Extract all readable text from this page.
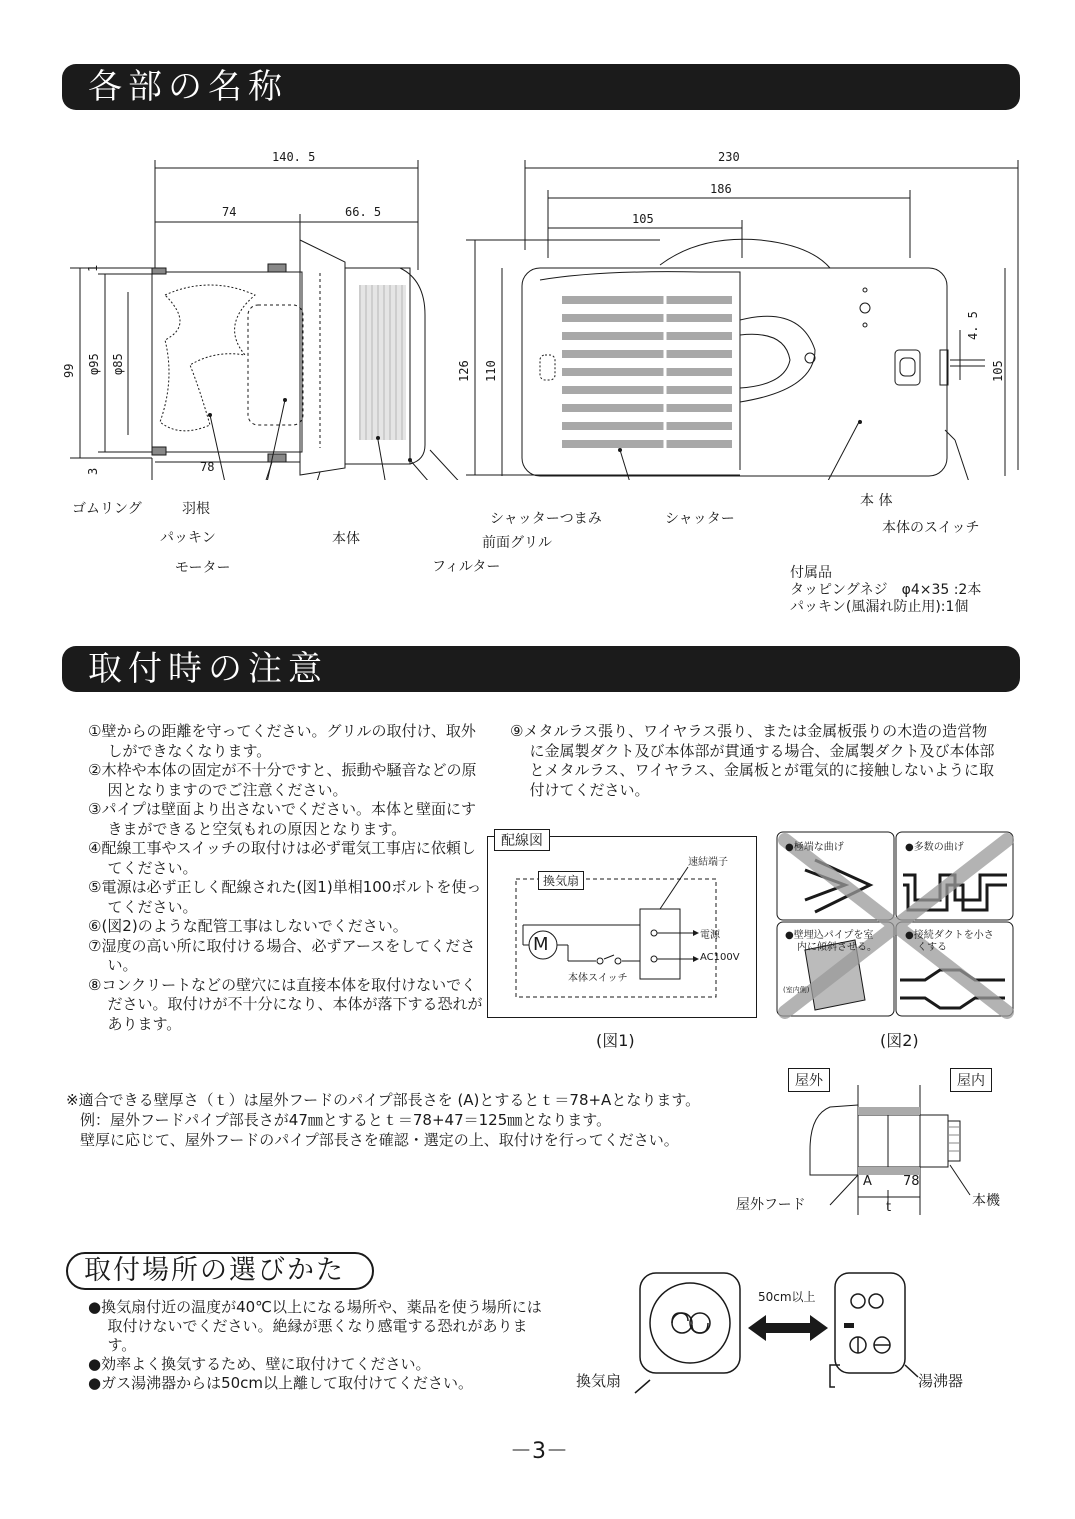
各部の名称
140. 5
74	66. 5
78
1
3
99 φ95 φ85
230
186
105
126 110
4. 5
105
ゴムリング	羽根
パッキン
モーター
本体
シャッターつまみ
前面グリル
フィルター
シャッター
本 体
本体のスイッチ
付属品
タッピングネジ　φ4×35 :2本
パッキン(風漏れ防止用):1個
取付時の注意
①壁からの距離を守ってください。グリルの取付け、取外しができなくなります。
②木枠や本体の固定が不十分ですと、振動や騒音などの原因となりますのでご注意ください。
③パイプは壁面より出さないでください。本体と壁面にすきまができると空気もれの原因となります。
④配線工事やスイッチの取付けは必ず電気工事店に依頼してください。
⑤電源は必ず正しく配線された(図1)単相100ボルトを使ってください。
⑥(図2)のような配管工事はしないでください。
⑦湿度の高い所に取付ける場合、必ずアースをしてください。
⑧コンクリートなどの壁穴には直接本体を取付けないでください。取付けが不十分になり、本体が落下する恐れがあります。
⑨メタルラス張り、ワイヤラス張り、または金属板張りの木造の造営物に金属製ダクト及び本体部が貫通する場合、金属製ダクト及び本体部とメタルラス、ワイヤラス、金属板とが電気的に接触しないように取付けてください。
配線図
換気扇
M
速結端子
本体スイッチ
電源
AC100V
(図1)
●極端な曲げ	●多数の曲げ
●壁埋込パイプを室
内に傾斜させる。
(室内側)
●接続ダクトを小さ
くする
(図2)
※適合できる壁厚さ（ｔ）は屋外フードのパイプ部長さを (A)とするとｔ＝78+Aとなります。
例：屋外フードパイプ部長さが47㎜とするとｔ＝78+47＝125㎜となります。
壁厚に応じて、屋外フードのパイプ部長さを確認・選定の上、取付けを行ってください。
屋外	屋内
屋外フード	本機
A 78
t
取付場所の選びかた
●換気扇付近の温度が40℃以上になる場所や、薬品を使う場所には取付けないでください。絶縁が悪くなり感電する恐れがあります。
●効率よく換気するため、壁に取付けてください。
●ガス湯沸器からは50cm以上離して取付けてください。
50cm以上
換気扇	湯沸器
－3－
